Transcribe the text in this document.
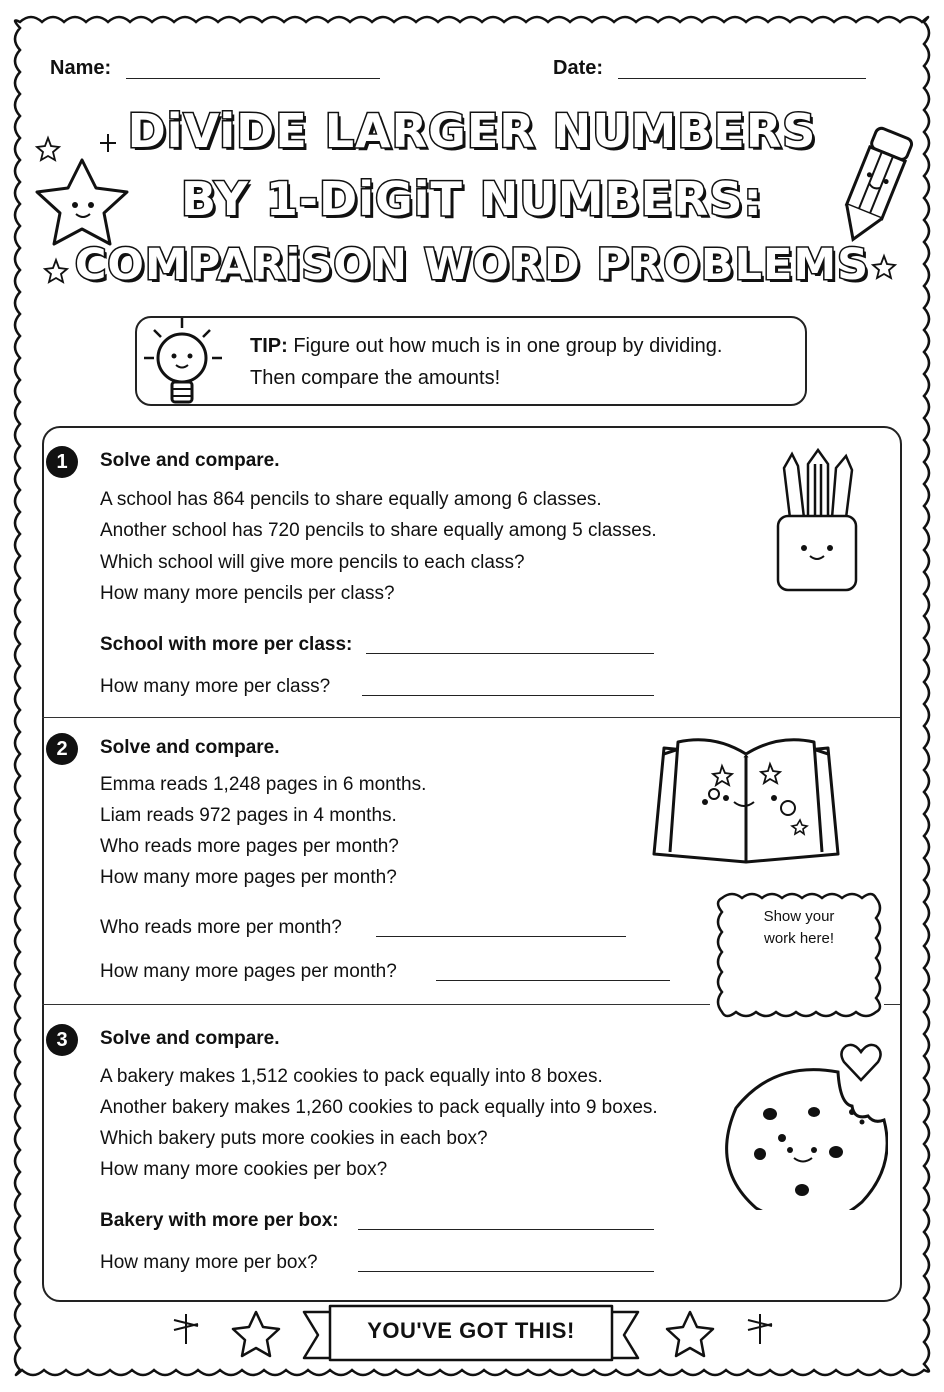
Name:	Date:
DiViDE LARGER NUMBERS
BY 1-DiGiT NUMBERS:
COMPARiSON WORD PROBLEMS
TIP: Figure out how much is in one group by dividing.
Then compare the amounts!
1	Solve and compare.
A school has 864 pencils to share equally among 6 classes.
Another school has 720 pencils to share equally among 5 classes.
Which school will give more pencils to each class?
How many more pencils per class?
School with more per class:
How many more per class?
2	Solve and compare.
Emma reads 1,248 pages in 6 months.
Liam reads 972 pages in 4 months.
Who reads more pages per month?
How many more pages per month?
Who reads more per month?
How many more pages per month?
Show your
work here!
3	Solve and compare.
A bakery makes 1,512 cookies to pack equally into 8 boxes.
Another bakery makes 1,260 cookies to pack equally into 9 boxes.
Which bakery puts more cookies in each box?
How many more cookies per box?
Bakery with more per box:
How many more per box?
YOU'VE GOT THIS!
